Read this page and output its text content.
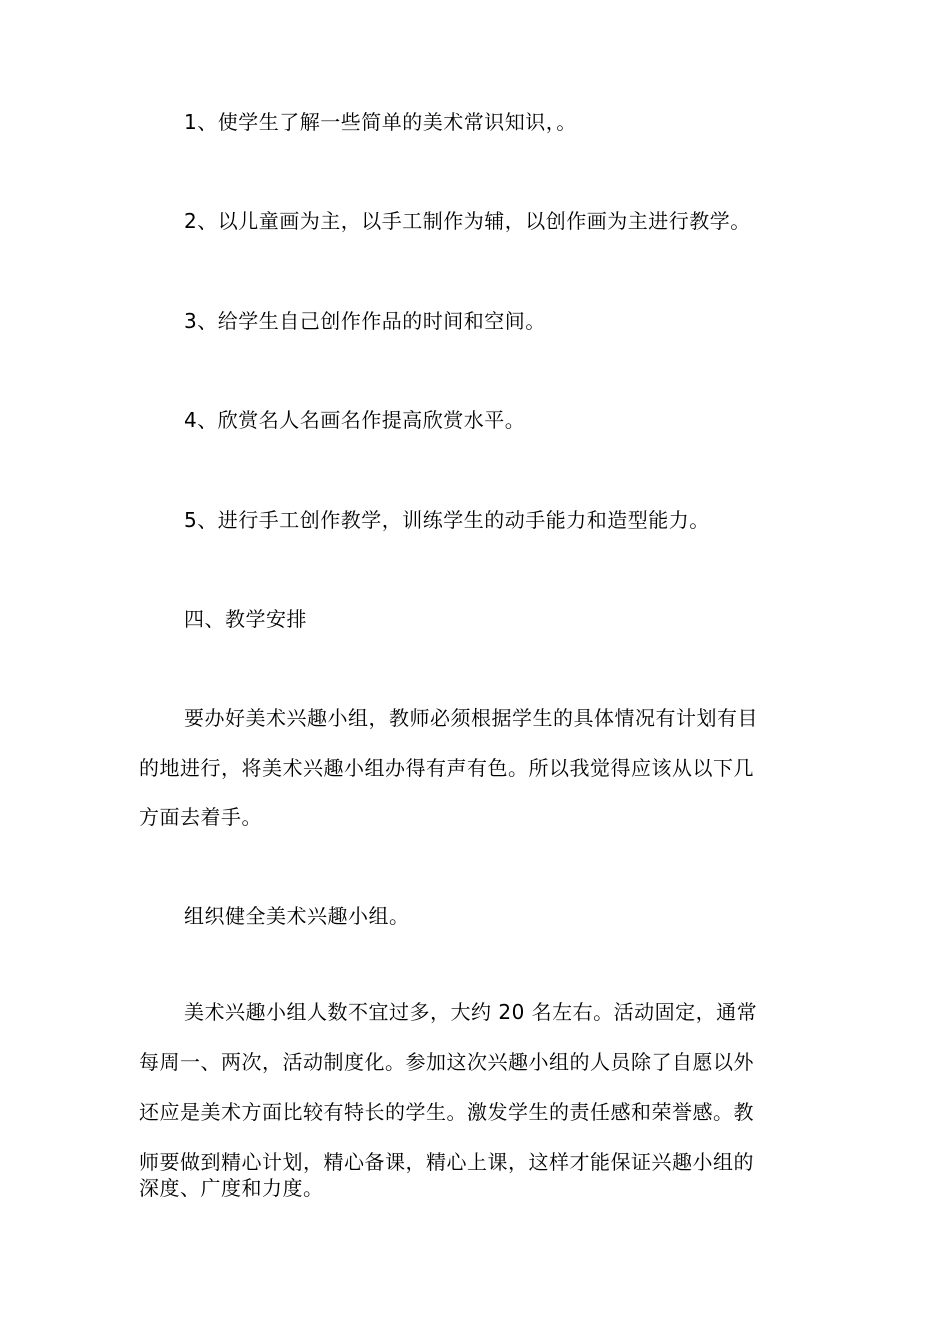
1、使学生了解一些简单的美术常识知识，。
2、以儿童画为主，以手工制作为辅，以创作画为主进行教学。
3、给学生自己创作作品的时间和空间。
4、欣赏名人名画名作提高欣赏水平。
5、进行手工创作教学，训练学生的动手能力和造型能力。
四、教学安排
要办好美术兴趣小组，教师必须根据学生的具体情况有计划有目
的地进行，将美术兴趣小组办得有声有色。所以我觉得应该从以下几
方面去着手。
组织健全美术兴趣小组。
美术兴趣小组人数不宜过多，大约 20 名左右。活动固定，通常
每周一、两次，活动制度化。参加这次兴趣小组的人员除了自愿以外
还应是美术方面比较有特长的学生。激发学生的责任感和荣誉感。教
师要做到精心计划，精心备课，精心上课，这样才能保证兴趣小组的
深度、广度和力度。
